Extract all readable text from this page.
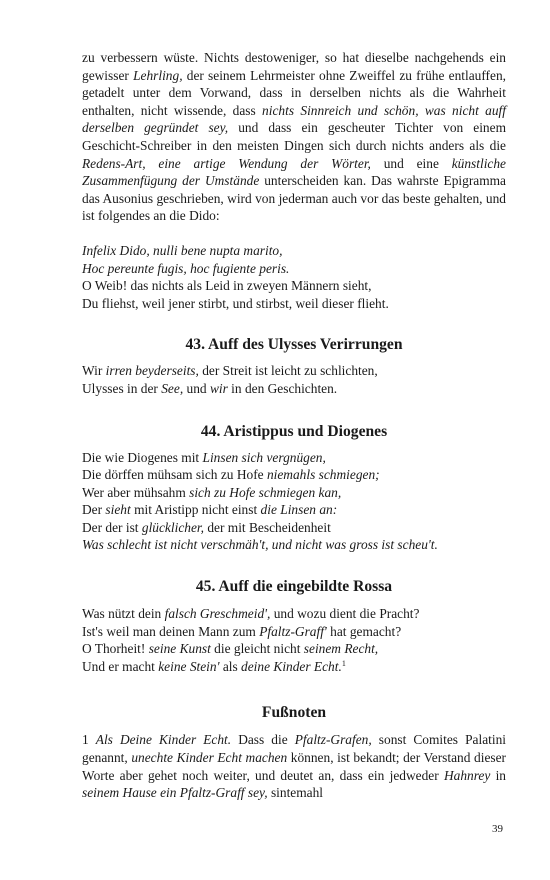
zu verbessern wüste. Nichts destoweniger, so hat dieselbe nachgehends ein gewisser Lehrling, der seinem Lehrmeister ohne Zweiffel zu frühe entlauffen, getadelt unter dem Vorwand, dass in derselben nichts als die Wahrheit enthalten, nicht wissende, dass nichts Sinnreich und schön, was nicht auff derselben gegründet sey, und dass ein gescheuter Tichter von einem Geschicht-Schreiber in den meisten Dingen sich durch nichts anders als die Redens-Art, eine artige Wendung der Wörter, und eine künstliche Zusammenfügung der Umstände unterscheiden kan. Das wahrste Epigramma das Ausonius geschrieben, wird von jederman auch vor das beste gehalten, und ist folgendes an die Dido:

Infelix Dido, nulli bene nupta marito,
Hoc pereunte fugis, hoc fugiente peris.
O Weib! das nichts als Leid in zweyen Männern sieht,
Du fliehst, weil jener stirbt, und stirbst, weil dieser flieht.
43. Auff des Ulysses Verirrungen
Wir irren beyderseits, der Streit ist leicht zu schlichten,
Ulysses in der See, und wir in den Geschichten.
44. Aristippus und Diogenes
Die wie Diogenes mit Linsen sich vergnügen,
Die dörffen mühsam sich zu Hofe niemahls schmiegen;
Wer aber mühsahm sich zu Hofe schmiegen kan,
Der sieht mit Aristipp nicht einst die Linsen an:
Der der ist glücklicher, der mit Bescheidenheit
Was schlecht ist nicht verschmäh't, und nicht was gross ist scheu't.
45. Auff die eingebildte Rossa
Was nützt dein falsch Greschmeid', und wozu dient die Pracht?
Ist's weil man deinen Mann zum Pfaltz-Graff' hat gemacht?
O Thorheit! seine Kunst die gleicht nicht seinem Recht,
Und er macht keine Stein' als deine Kinder Echt.$^1$
Fußnoten

1 Als Deine Kinder Echt. Dass die Pfaltz-Grafen, sonst Comites Palatini genannt, unechte Kinder Echt machen können, ist bekandt; der Verstand dieser Worte aber gehet noch weiter, und deutet an, dass ein jedweder Hahnrey in seinem Hause ein Pfaltz-Graff sey, sintemahl

39
